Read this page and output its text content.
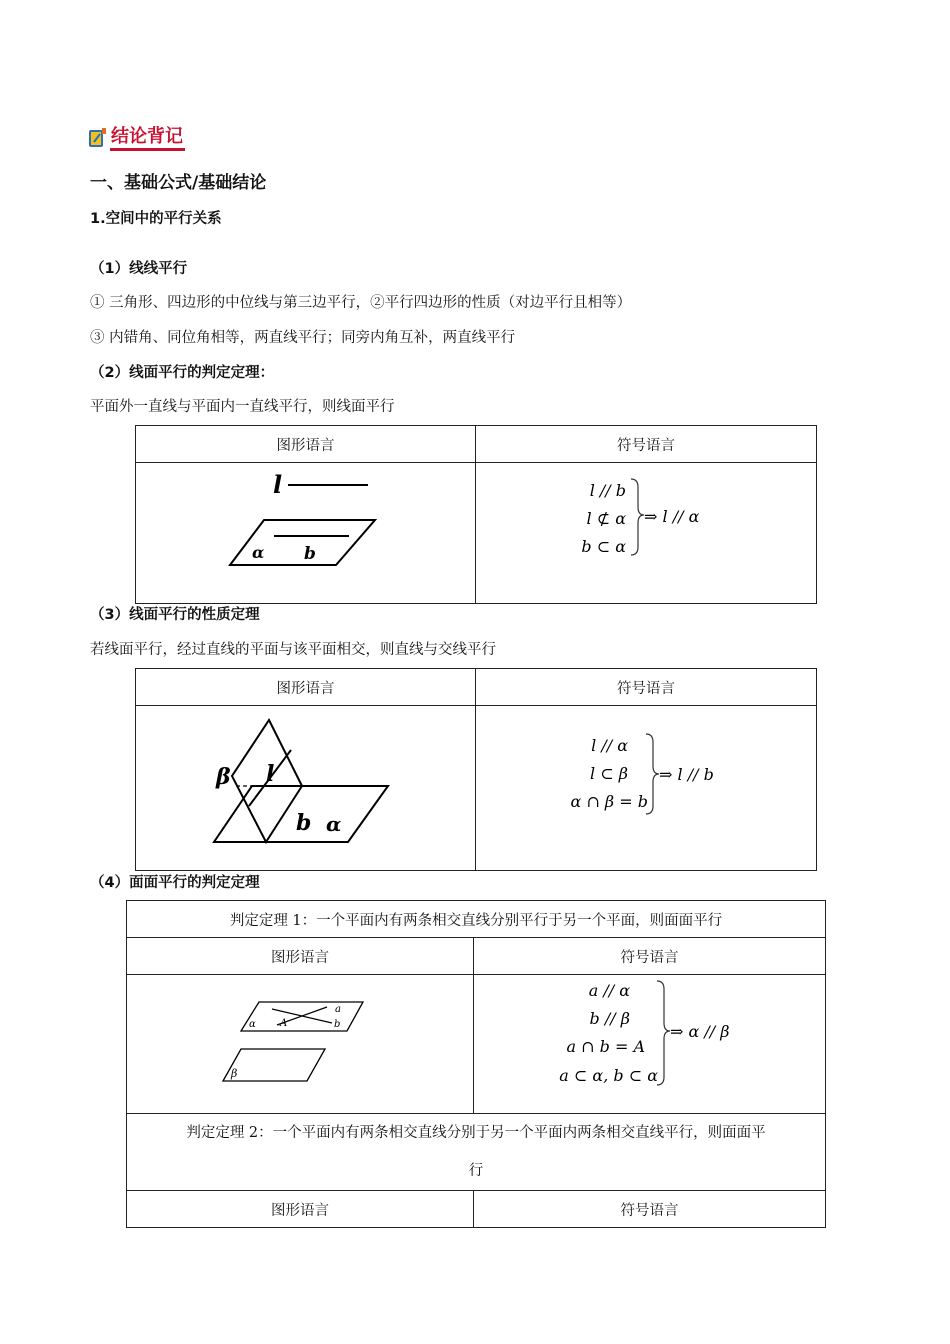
结论背记
一、基础公式/基础结论
1.空间中的平行关系
（1）线线平行
① 三角形、四边形的中位线与第三边平行，②平行四边形的性质（对边平行且相等）
③ 内错角、同位角相等，两直线平行；同旁内角互补，两直线平行
（2）线面平行的判定定理：
平面外一直线与平面内一直线平行，则线面平行
图形语言	符号语言

l
α b	l // b
l ⊄ α
b ⊂ α
⇒ l // α
（3）线面平行的性质定理
若线面平行，经过直线的平面与该平面相交，则直线与交线平行
图形语言	符号语言

β l
b α	l // α
l ⊂ β
α ∩ β = b
⇒ l // b
（4）面面平行的判定定理
判定定理 1：一个平面内有两条相交直线分别平行于另一个平面，则面面平行	
图形语言	符号语言

α
a
A b
β	a // α
b // β
a ∩ b = A
a ⊂ α, b ⊂ α
⇒ α // β

判定定理 2：一个平面内有两条相交直线分别于另一个平面内两条相交直线平行，则面面平
行	

图形语言	符号语言
